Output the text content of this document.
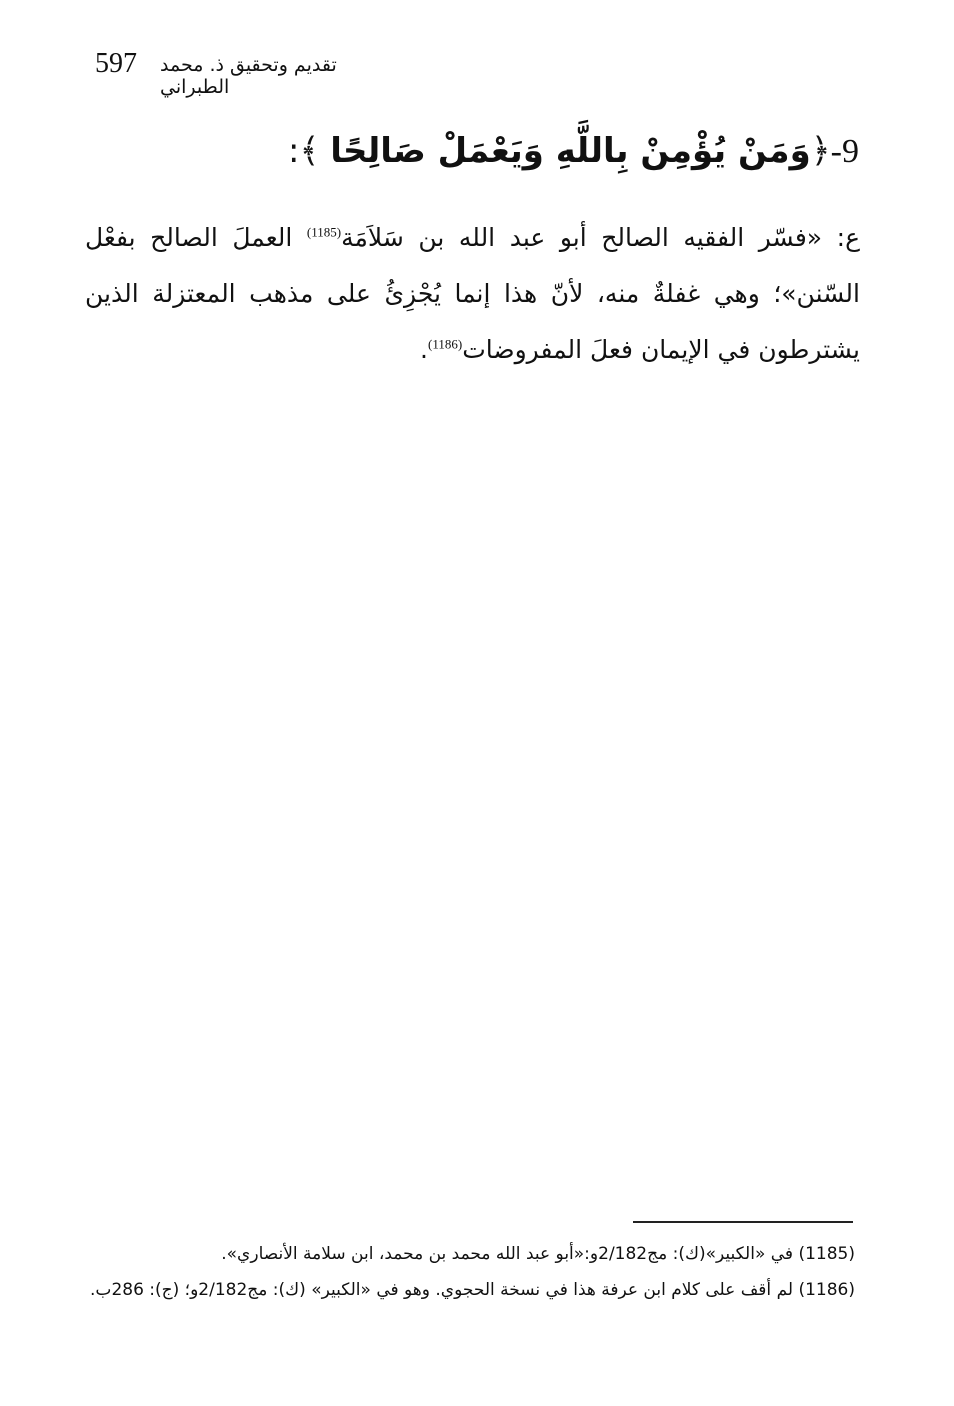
597 تقديم وتحقيق ذ. محمد الطبراني
9-﴿وَمَنْ يُؤْمِنْ بِاللَّهِ وَيَعْمَلْ صَالِحًا ﴾:
ع: «فسّر الفقيه الصالح أبو عبد الله بن سَلاَمَة$^{(1185)}$ العملَ الصالح بفعْل السّنن»؛ وهي غفلةٌ منه، لأنّ هذا إنما يُجْزِئُ على مذهب المعتزلة الذين يشترطون في الإيمان فعلَ المفروضات$^{(1186)}$.

(1185) في «الكبير»(ك): مج2/182و:«أبو عبد الله محمد بن محمد، ابن سلامة الأنصاري».

(1186) لم أقف على كلام ابن عرفة هذا في نسخة الحجوي. وهو في «الكبير» (ك): مج2/182و؛ (ج): 286ب.
